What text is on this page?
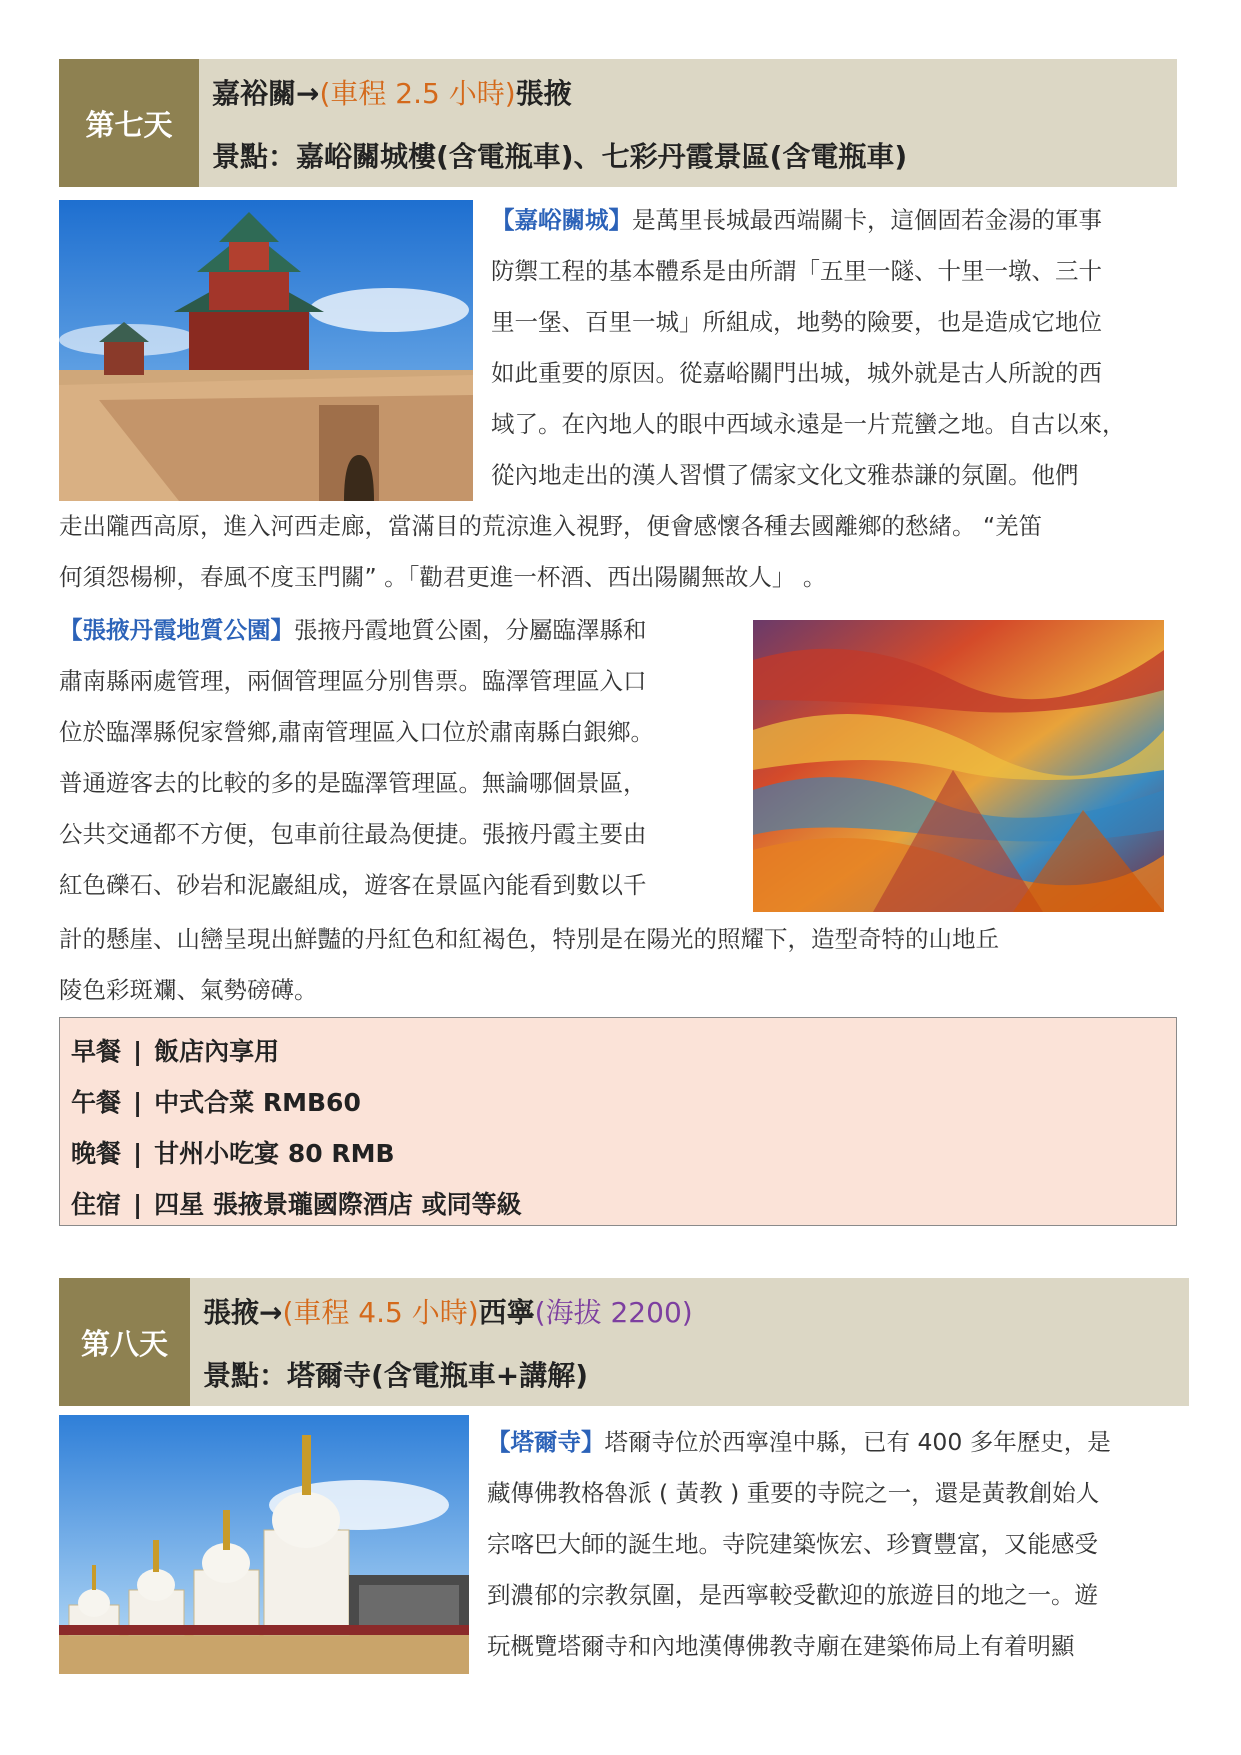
第七天
嘉裕關→(車程 2.5 小時)張掖
景點：嘉峪關城樓(含電瓶車)、七彩丹霞景區(含電瓶車)
【嘉峪關城】是萬里長城最西端關卡，這個固若金湯的軍事
防禦工程的基本體系是由所謂「五里一隧、十里一墩、三十
里一堡、百里一城」所組成，地勢的險要，也是造成它地位
如此重要的原因。從嘉峪關門出城，城外就是古人所說的西
域了。在內地人的眼中西域永遠是一片荒蠻之地。自古以來，
從內地走出的漢人習慣了儒家文化文雅恭謙的氛圍。他們
走出隴西高原，進入河西走廊，當滿目的荒涼進入視野，便會感懷各種去國離鄉的愁緒。 “羌笛
何須怨楊柳，春風不度玉門關” 。「勸君更進一杯酒、西出陽關無故人」 。
【張掖丹霞地質公園】張掖丹霞地質公園，分屬臨澤縣和
肅南縣兩處管理，兩個管理區分別售票。臨澤管理區入口
位於臨澤縣倪家營鄉,肅南管理區入口位於肅南縣白銀鄉。
普通遊客去的比較的多的是臨澤管理區。無論哪個景區，
公共交通都不方便，包車前往最為便捷。張掖丹霞主要由
紅色礫石、砂岩和泥巖組成，遊客在景區內能看到數以千
計的懸崖、山巒呈現出鮮豔的丹紅色和紅褐色，特別是在陽光的照耀下，造型奇特的山地丘
陵色彩斑斕、氣勢磅礡。
早餐 | 飯店內享用
午餐 | 中式合菜 RMB60
晚餐 | 甘州小吃宴 80 RMB
住宿 | 四星 張掖景瓏國際酒店 或同等級
第八天
張掖→(車程 4.5 小時)西寧(海拔 2200)
景點：塔爾寺(含電瓶車+講解)
【塔爾寺】塔爾寺位於西寧湟中縣，已有 400 多年歷史，是
藏傳佛教格魯派 ( 黃教 ) 重要的寺院之一，還是黃教創始人
宗喀巴大師的誕生地。寺院建築恢宏、珍寶豐富，又能感受
到濃郁的宗教氛圍，是西寧較受歡迎的旅遊目的地之一。遊
玩概覽塔爾寺和內地漢傳佛教寺廟在建築佈局上有着明顯
